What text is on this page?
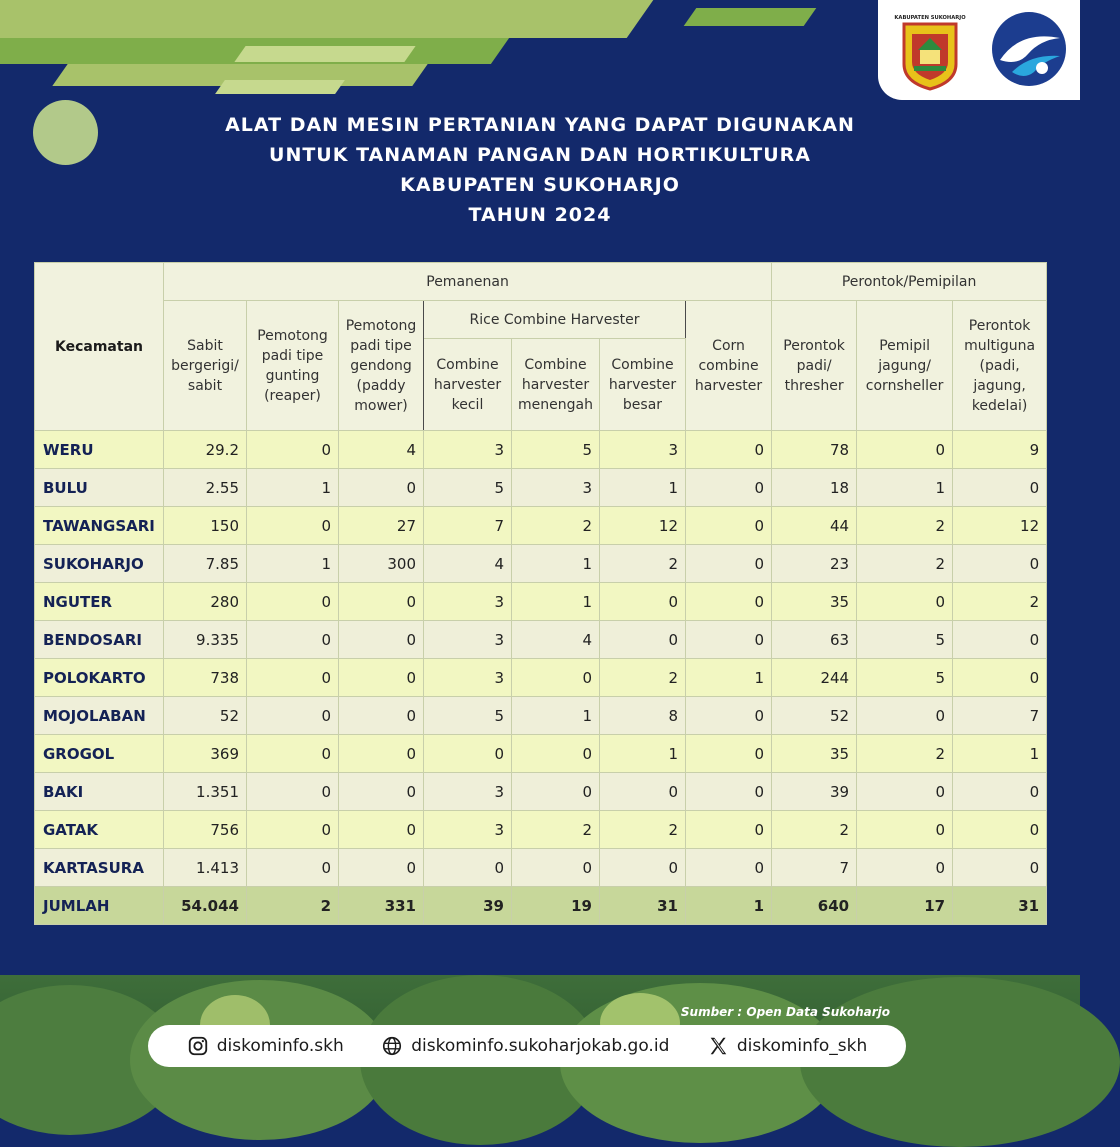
KABUPATEN SUKOHARJO
ALAT DAN MESIN PERTANIAN YANG DAPAT DIGUNAKAN
UNTUK TANAMAN PANGAN DAN HORTIKULTURA
KABUPATEN SUKOHARJO
TAHUN 2024
Kecamatan	Pemanenan							Perontok/Pemipilan		
	Sabit bergerigi/ sabit	Pemotong padi tipe gunting (reaper)	Pemotong padi tipe gendong (paddy mower)	Rice Combine Harvester			Corn combine harvester	Perontok padi/ thresher	Pemipil jagung/ cornsheller	Perontok multiguna (padi, jagung, kedelai)
				Combine harvester kecil	Combine harvester menengah	Combine harvester besar				
WERU	29.2	0	4	3	5	3	0	78	0	9
BULU	2.55	1	0	5	3	1	0	18	1	0
TAWANGSARI	150	0	27	7	2	12	0	44	2	12
SUKOHARJO	7.85	1	300	4	1	2	0	23	2	0
NGUTER	280	0	0	3	1	0	0	35	0	2
BENDOSARI	9.335	0	0	3	4	0	0	63	5	0
POLOKARTO	738	0	0	3	0	2	1	244	5	0
MOJOLABAN	52	0	0	5	1	8	0	52	0	7
GROGOL	369	0	0	0	0	1	0	35	2	1
BAKI	1.351	0	0	3	0	0	0	39	0	0
GATAK	756	0	0	3	2	2	0	2	0	0
KARTASURA	1.413	0	0	0	0	0	0	7	0	0
JUMLAH	54.044	2	331	39	19	31	1	640	17	31
Sumber : Open Data Sukoharjo
diskominfo.skh	diskominfo.sukoharjokab.go.id	diskominfo_skh
